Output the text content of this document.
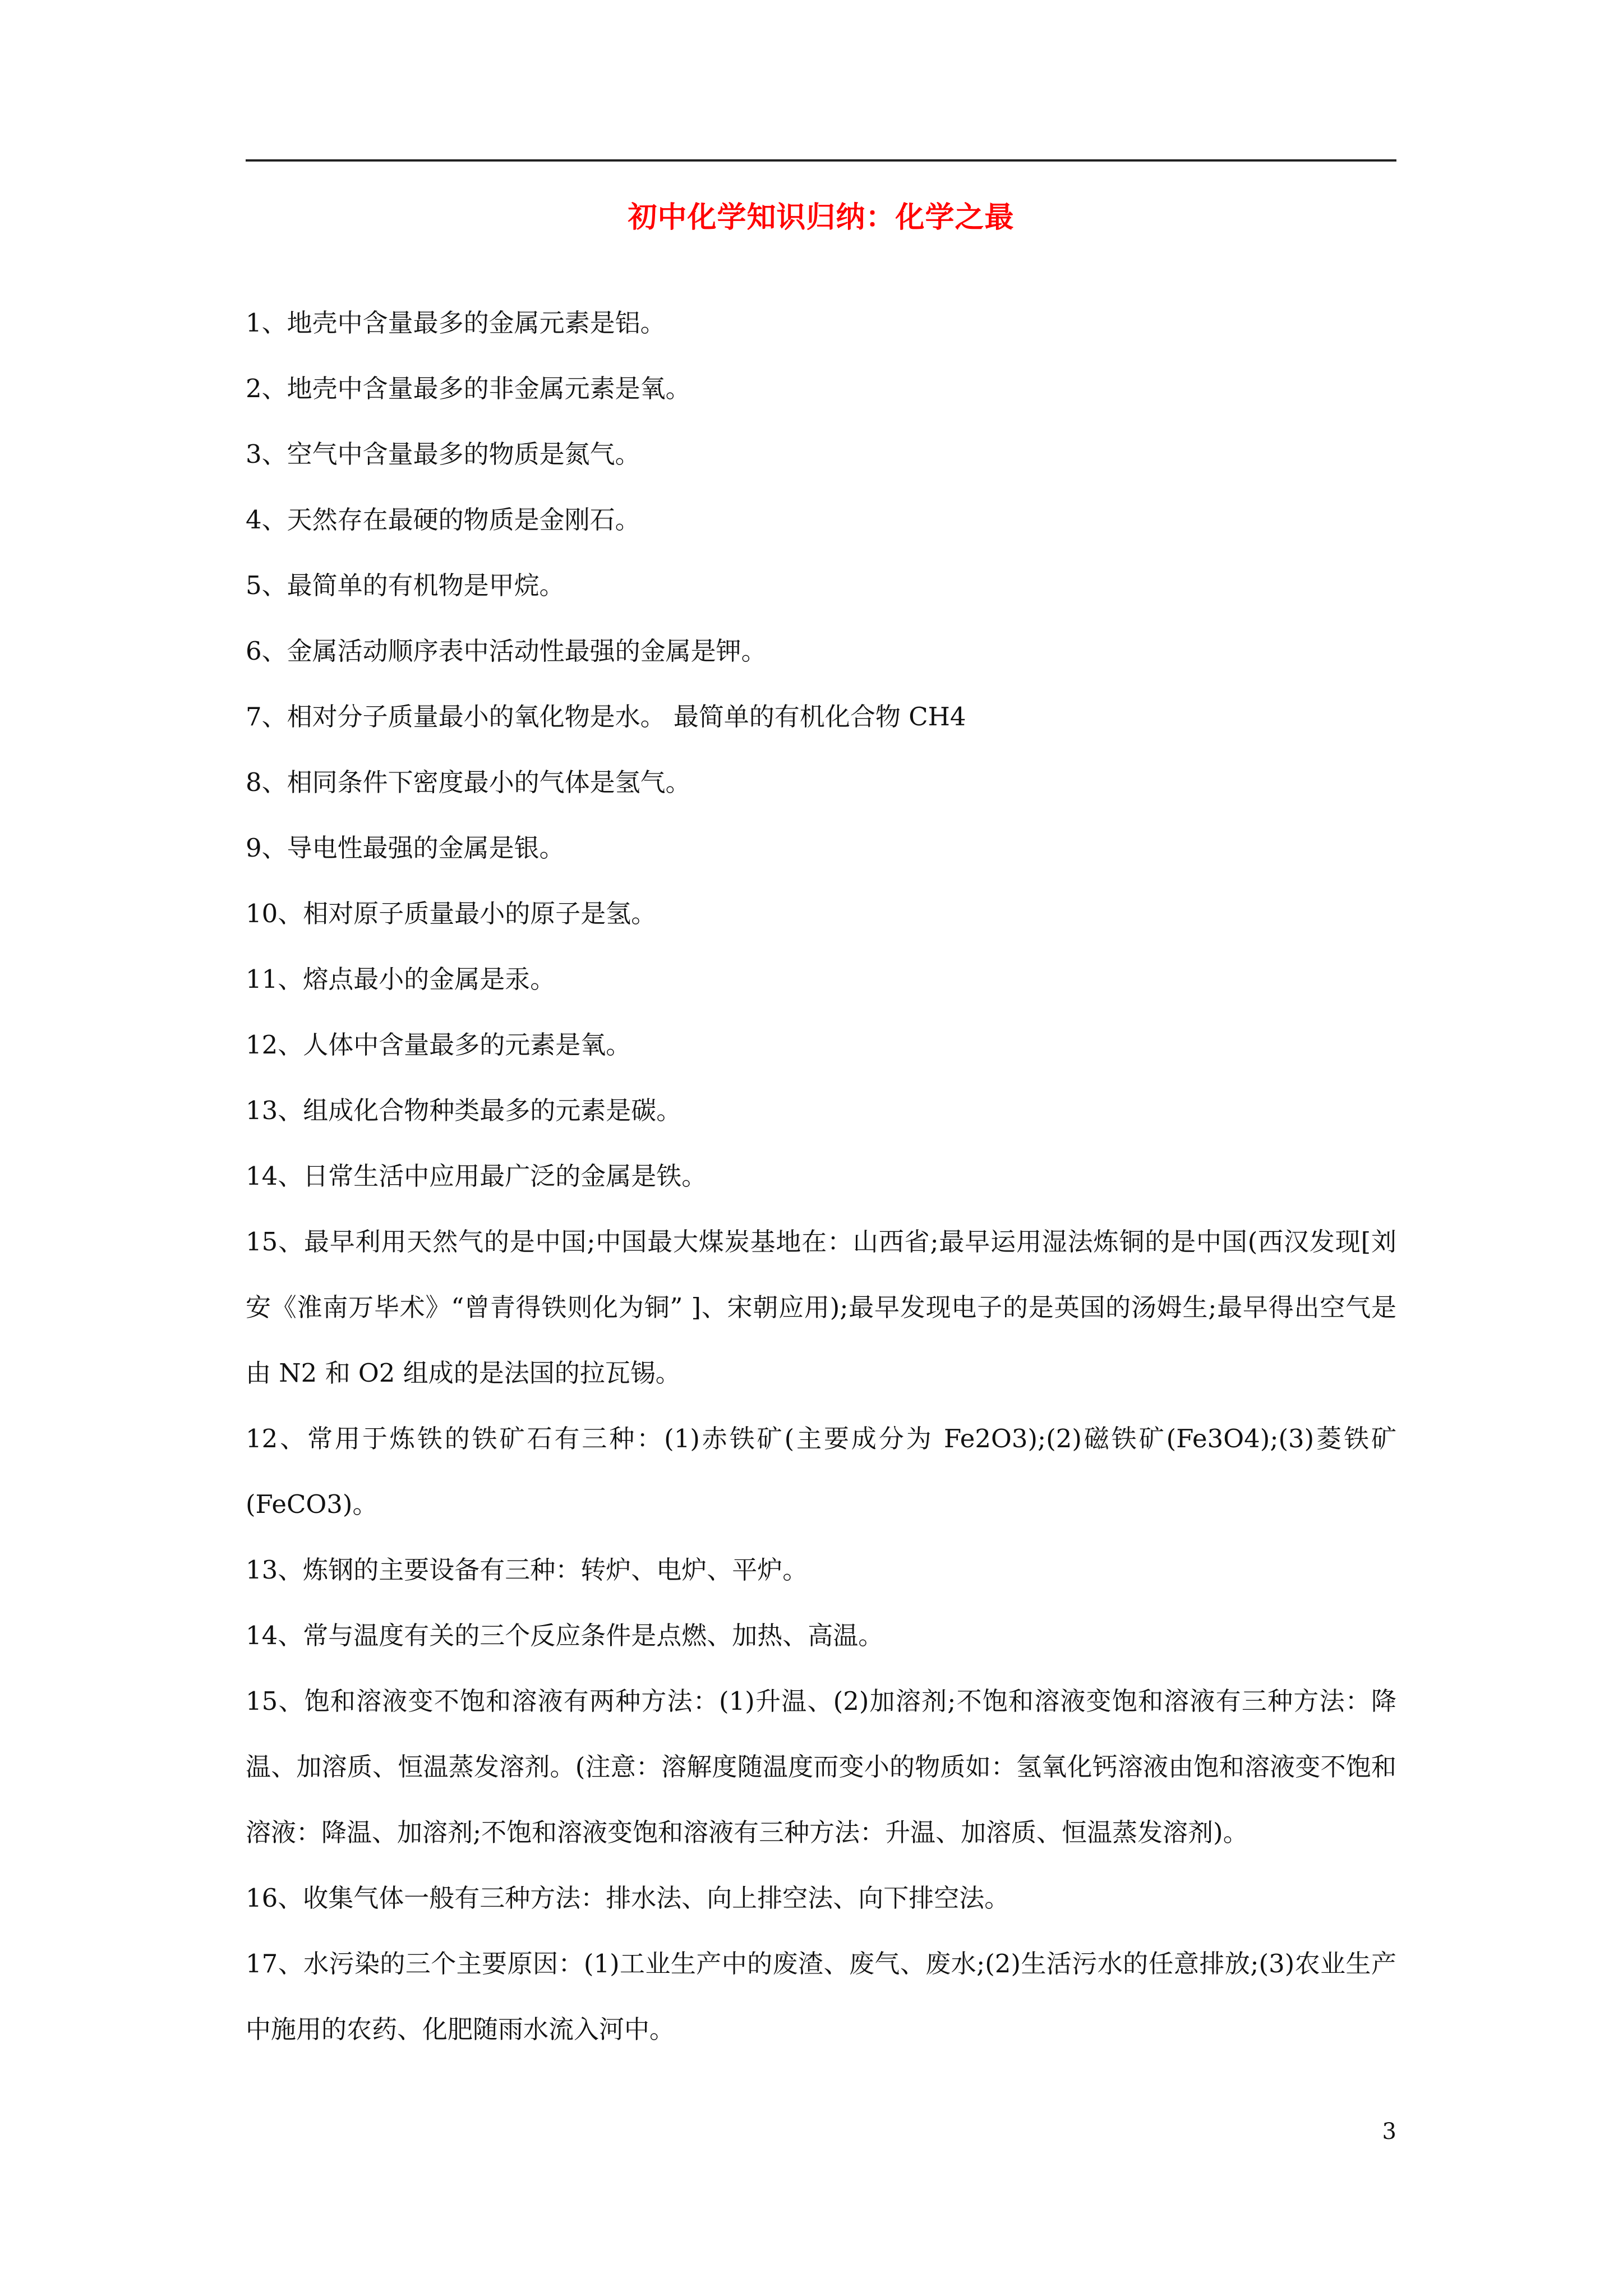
初中化学知识归纳：化学之最

1、地壳中含量最多的金属元素是铝。

2、地壳中含量最多的非金属元素是氧。

3、空气中含量最多的物质是氮气。

4、天然存在最硬的物质是金刚石。

5、最简单的有机物是甲烷。

6、金属活动顺序表中活动性最强的金属是钾。

7、相对分子质量最小的氧化物是水。 最简单的有机化合物 CH4

8、相同条件下密度最小的气体是氢气。

9、导电性最强的金属是银。

10、相对原子质量最小的原子是氢。

11、熔点最小的金属是汞。

12、人体中含量最多的元素是氧。

13、组成化合物种类最多的元素是碳。

14、日常生活中应用最广泛的金属是铁。

15、最早利用天然气的是中国;中国最大煤炭基地在：山西省;最早运用湿法炼铜的是中国(西汉发现[刘安《淮南万毕术》“曾青得铁则化为铜” ]、宋朝应用);最早发现电子的是英国的汤姆生;最早得出空气是由 N2 和 O2 组成的是法国的拉瓦锡。

12、常用于炼铁的铁矿石有三种：(1)赤铁矿(主要成分为 Fe2O3);(2)磁铁矿(Fe3O4);(3)菱铁矿(FeCO3)。

13、炼钢的主要设备有三种：转炉、电炉、平炉。

14、常与温度有关的三个反应条件是点燃、加热、高温。

15、饱和溶液变不饱和溶液有两种方法：(1)升温、(2)加溶剂;不饱和溶液变饱和溶液有三种方法：降温、加溶质、恒温蒸发溶剂。(注意：溶解度随温度而变小的物质如：氢氧化钙溶液由饱和溶液变不饱和溶液：降温、加溶剂;不饱和溶液变饱和溶液有三种方法：升温、加溶质、恒温蒸发溶剂)。

16、收集气体一般有三种方法：排水法、向上排空法、向下排空法。

17、水污染的三个主要原因：(1)工业生产中的废渣、废气、废水;(2)生活污水的任意排放;(3)农业生产中施用的农药、化肥随雨水流入河中。

3
